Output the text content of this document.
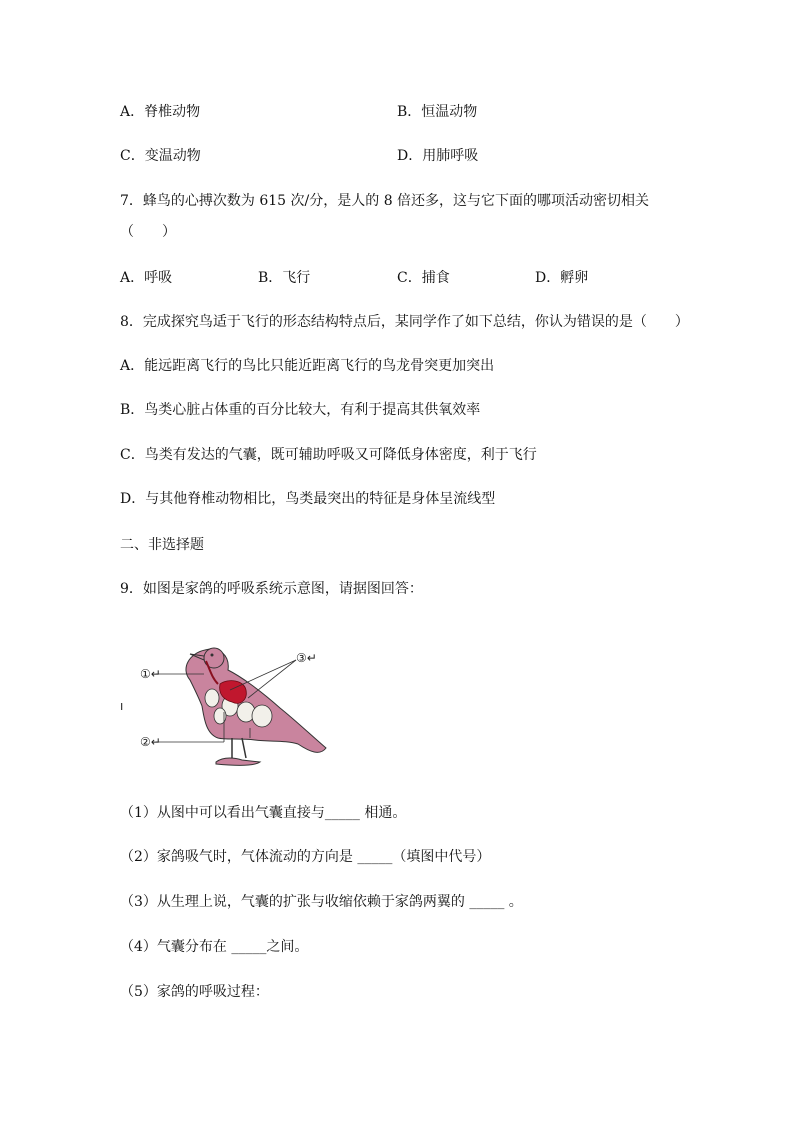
A．脊椎动物	B．恒温动物
C．变温动物	D．用肺呼吸
7．蜂鸟的心搏次数为 615 次/分，是人的 8 倍还多，这与它下面的哪项活动密切相关
（　　）
A．呼吸	B．飞行	C．捕食	D．孵卵
8．完成探究鸟适于飞行的形态结构特点后，某同学作了如下总结，你认为错误的是（　　）
A．能远距离飞行的鸟比只能近距离飞行的鸟龙骨突更加突出
B．鸟类心脏占体重的百分比较大，有利于提高其供氧效率
C．鸟类有发达的气囊，既可辅助呼吸又可降低身体密度，利于飞行
D．与其他脊椎动物相比，鸟类最突出的特征是身体呈流线型
二、非选择题
9．如图是家鸽的呼吸系统示意图，请据图回答：
①↵
②↵
③↵
ı
（1）从图中可以看出气囊直接与_____ 相通。
（2）家鸽吸气时，气体流动的方向是 _____（填图中代号）
（3）从生理上说，气囊的扩张与收缩依赖于家鸽两翼的 _____ 。
（4）气囊分布在 _____之间。
（5）家鸽的呼吸过程：
